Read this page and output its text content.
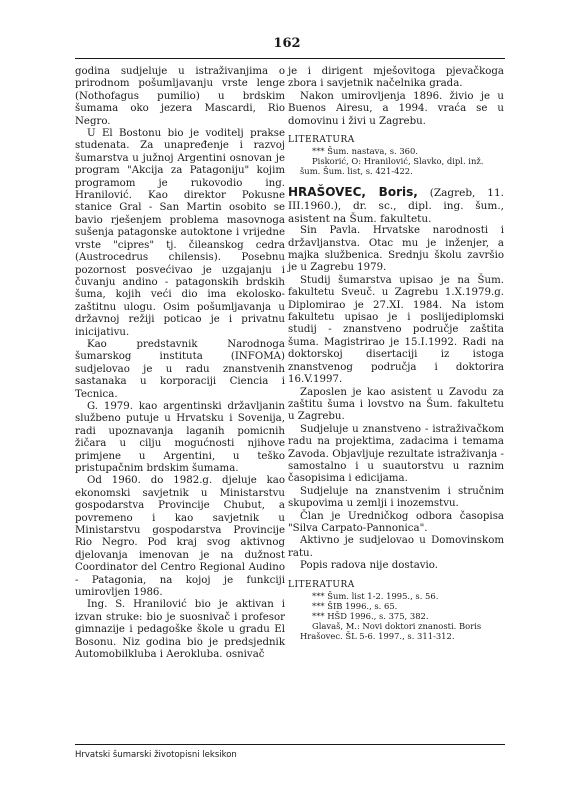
162

godina sudjeluje u istraživanjima o prirodnom pošumljavanju vrste lenge (Nothofagus pumilio) u brdskim šumama oko jezera Mascardi, Rio Negro.

U El Bostonu bio je voditelj prakse studenata. Za unapređenje i razvoj šumarstva u južnoj Argentini osnovan je program "Akcija za Patagoniju" kojim programom je rukovodio ing. Hranilović. Kao direktor Pokusne stanice Gral - San Martin osobito se bavio rješenjem problema masovnoga sušenja patagonske autoktone i vrijedne vrste "cipres" tj. čileanskog cedra (Austrocedrus chilensis). Posebnu pozornost posvećivao je uzgajanju i čuvanju andino - patagonskih brdskih šuma, kojih veći dio ima ekolosko-zaštitnu ulogu. Osim pošumljavanja u državnoj režiji poticao je i privatnu inicijativu.

Kao predstavnik Narodnoga šumarskog instituta (INFOMA) sudjelovao je u radu znanstvenih sastanaka u korporaciji Ciencia i Tecnica.

G. 1979. kao argentinski državljanin službeno putuje u Hrvatsku i Sovenija, radi upoznavanja laganih pomicnih žičara u cilju mogućnosti njihove primjene u Argentini, u teško pristupačnim brdskim šumama.

Od 1960. do 1982.g. djeluje kao ekonomski savjetnik u Ministarstvu gospodarstva Provincije Chubut, a povremeno i kao savjetnik u Ministarstvu gospodarstva Provincije Rio Negro. Pod kraj svog aktivnog djelovanja imenovan je na dužnost Coordinator del Centro Regional Audino - Patagonia, na kojoj je funkciji umirovljen 1986.

Ing. S. Hranilović bio je aktivan i izvan struke: bio je suosnivač i profesor gimnazije i pedagoške škole u gradu El Bosonu. Niz godina bio je predsjednik Automobilkluba i Aerokluba. osnivač

je i dirigent mješovitoga pjevačkoga zbora i savjetnik načelnika grada.

Nakon umirovljenja 1896. živio je u Buenos Airesu, a 1994. vraća se u domovinu i živi u Zagrebu.

LITERATURA

*** Šum. nastava, s. 360.

Piskorić, O: Hranilović, Slavko, dipl. inž. šum. Šum. list, s. 421-422.

HRAŠOVEC, Boris, (Zagreb, 11. III.1960.), dr. sc., dipl. ing. šum., asistent na Šum. fakultetu.

Sin Pavla. Hrvatske narodnosti i državljanstva. Otac mu je inženjer, a majka službenica. Srednju školu završio je u Zagrebu 1979.

Studij šumarstva upisao je na Šum. fakultetu Sveuč. u Zagrebu 1.X.1979.g. Diplomirao je 27.XI. 1984. Na istom fakultetu upisao je i poslijediplomski studij - znanstveno područje zaštita šuma. Magistrirao je 15.I.1992. Radi na doktorskoj disertaciji iz istoga znanstvenog područja i doktorira 16.V.1997.

Zaposlen je kao asistent u Zavodu za zaštitu šuma i lovstvo na Šum. fakultetu u Zagrebu.

Sudjeluje u znanstveno - istraživačkom radu na projektima, zadacima i temama Zavoda. Objavljuje rezultate istraživanja - samostalno i u suautorstvu u raznim časopisima i edicijama.

Sudjeluje na znanstvenim i stručnim skupovima u zemlji i inozemstvu.

Član je Uredničkog odbora časopisa "Silva Carpato-Pannonica".

Aktivno je sudjelovao u Domovinskom ratu.

Popis radova nije dostavio.

LITERATURA

*** Šum. list 1-2. 1995., s. 56.

*** ŠIB 1996., s. 65.

*** HŠD 1996., s. 375, 382.

Glavaš, M.: Novi doktori znanosti. Boris Hrašovec. ŠL 5-6. 1997., s. 311-312.

Hrvatski šumarski životopisni leksikon
